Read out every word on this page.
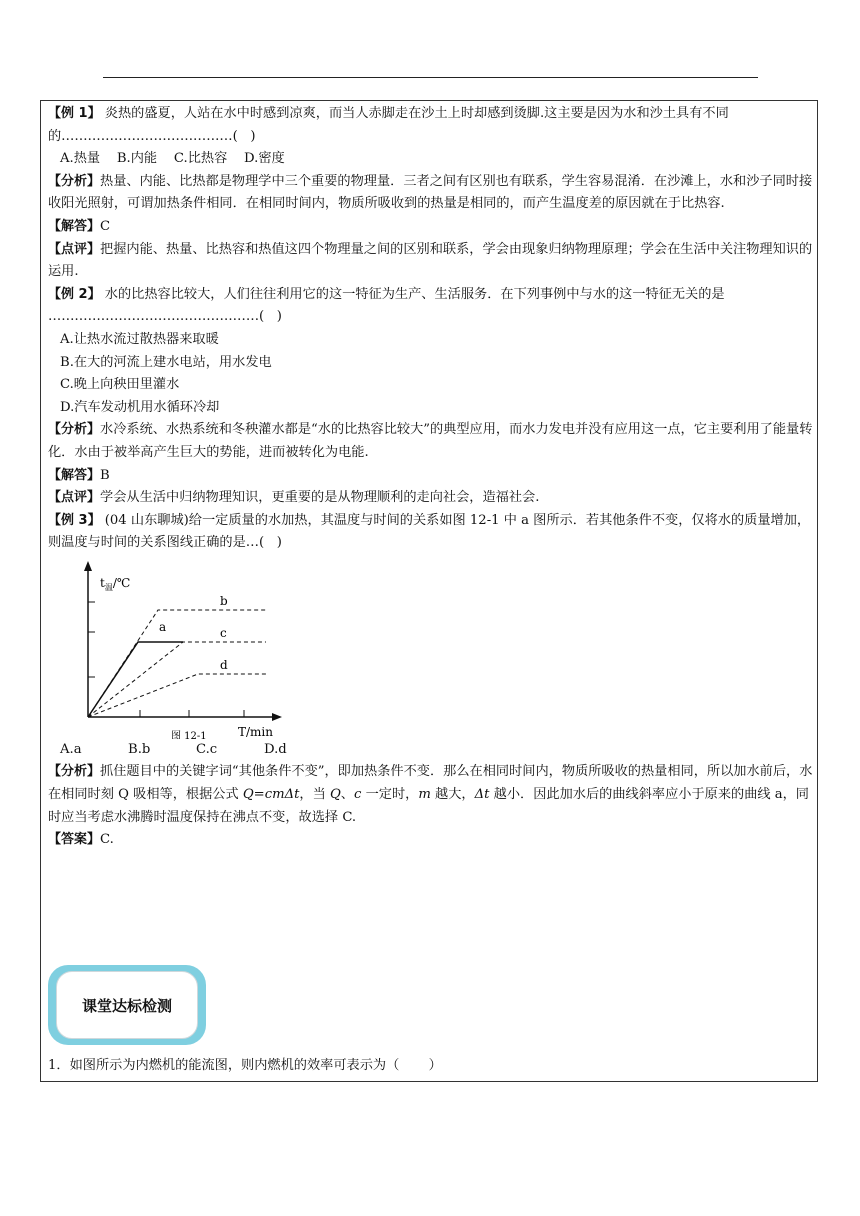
【例 1】 炎热的盛夏，人站在水中时感到凉爽，而当人赤脚走在沙土上时却感到烫脚.这主要是因为水和沙土具有不同的…………………………………(   )

A.热量    B.内能    C.比热容    D.密度

【分析】热量、内能、比热都是物理学中三个重要的物理量．三者之间有区别也有联系，学生容易混淆．在沙滩上，水和沙子同时接收阳光照射，可谓加热条件相同．在相同时间内，物质所吸收到的热量是相同的，而产生温度差的原因就在于比热容.

【解答】C

【点评】把握内能、热量、比热容和热值这四个物理量之间的区别和联系，学会由现象归纳物理原理；学会在生活中关注物理知识的运用.

【例 2】 水的比热容比较大，人们往往利用它的这一特征为生产、生活服务．在下列事例中与水的这一特征无关的是

…………………………………………(   )

A.让热水流过散热器来取暖

B.在大的河流上建水电站，用水发电

C.晚上向秧田里灌水

D.汽车发动机用水循环冷却

【分析】水冷系统、水热系统和冬秧灌水都是“水的比热容比较大”的典型应用，而水力发电并没有应用这一点，它主要利用了能量转化．水由于被举高产生巨大的势能，进而被转化为电能.

【解答】B

【点评】学会从生活中归纳物理知识，更重要的是从物理顺利的走向社会，造福社会.

【例 3】 (04 山东聊城)给一定质量的水加热，其温度与时间的关系如图 12-1 中 a 图所示．若其他条件不变，仅将水的质量增加，则温度与时间的关系图线正确的是…(   )

$t_温/℃$
b
a	c
d
图 12-1	T/min

A.a	B.b	C.c	D.d

【分析】抓住题目中的关键字词“其他条件不变”，即加热条件不变．那么在相同时间内，物质所吸收的热量相同，所以加水前后，水在相同时刻 Q 吸相等，根据公式 Q=cmΔt，当 Q、c 一定时，m 越大，Δt 越小．因此加水后的曲线斜率应小于原来的曲线 a，同时应当考虑水沸腾时温度保持在沸点不变，故选择 C.

【答案】C.

课堂达标检测
1．如图所示为内燃机的能流图，则内燃机的效率可表示为（       ）
